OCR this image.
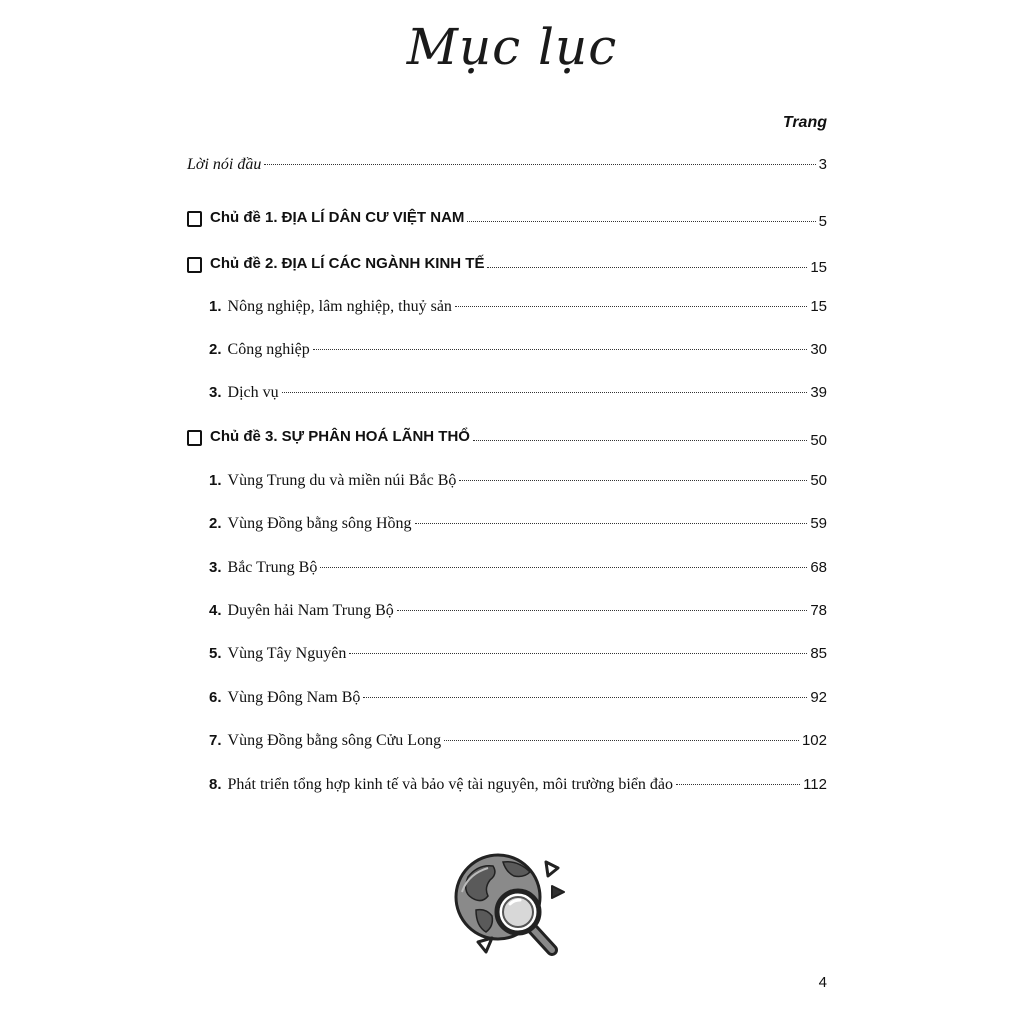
Mục lục
Trang
Lời nói đầu	3
Chủ đề 1. ĐỊA LÍ DÂN CƯ VIỆT NAM	5
Chủ đề 2. ĐỊA LÍ CÁC NGÀNH KINH TẾ	15
1. Nông nghiệp, lâm nghiệp, thuỷ sản	15
2. Công nghiệp	30
3. Dịch vụ	39
Chủ đề 3. SỰ PHÂN HOÁ LÃNH THỔ	50
1. Vùng Trung du và miền núi Bắc Bộ	50
2. Vùng Đồng bằng sông Hồng	59
3. Bắc Trung Bộ	68
4. Duyên hải Nam Trung Bộ	78
5. Vùng Tây Nguyên	85
6. Vùng Đông Nam Bộ	92
7. Vùng Đồng bằng sông Cửu Long	102
8. Phát triển tổng hợp kinh tế và bảo vệ tài nguyên, môi trường biển đảo	112
4
